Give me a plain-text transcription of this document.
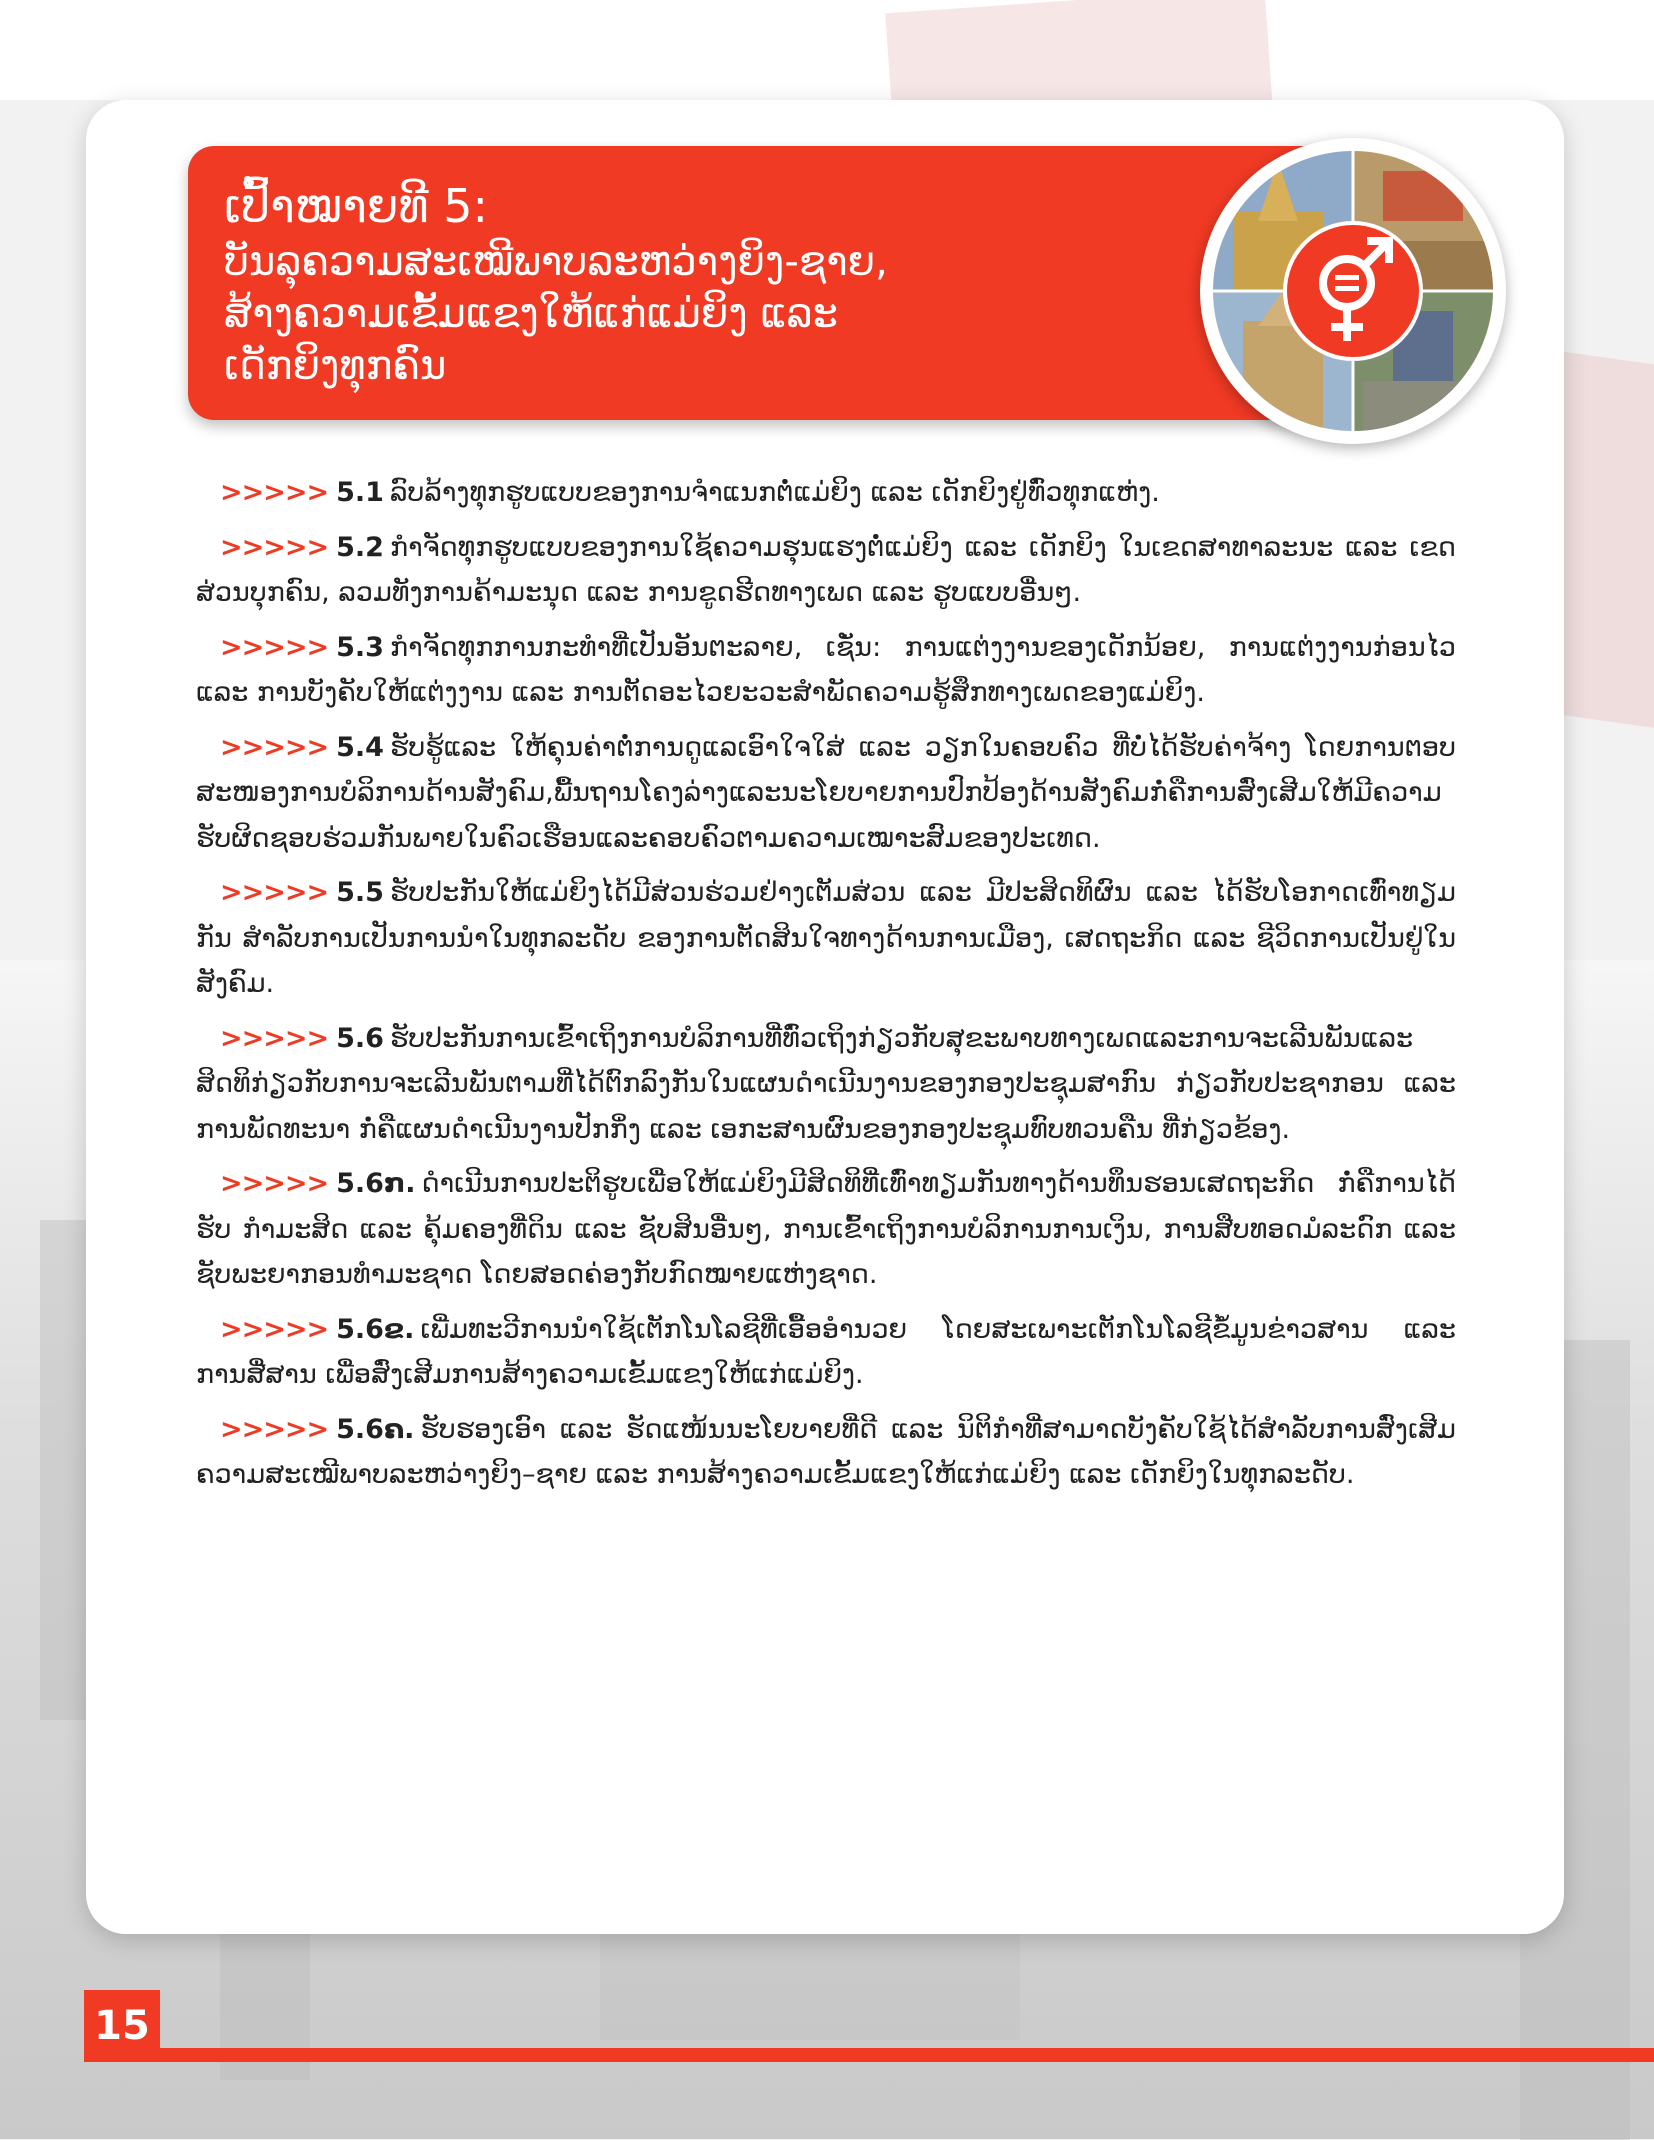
ເປົ້າໝາຍທີ 5:

ບັນລຸຄວາມສະເໝີພາບລະຫວ່າງຍິງ-ຊາຍ,

ສ້າງຄວາມເຂັ້ມແຂງໃຫ້ແກ່ແມ່ຍິງ ແລະ

ເດັກຍິງທຸກຄົນ

>>>>> 5.1 ລົບລ້າງທຸກຮູບແບບຂອງການຈຳແນກຕໍ່ແມ່ຍິງ ແລະ ເດັກຍິງຢູ່ທົ່ວທຸກແຫ່ງ.

>>>>> 5.2 ກຳຈັດທຸກຮູບແບບຂອງການໃຊ້ຄວາມຮຸນແຮງຕໍ່ແມ່ຍິງ ແລະ ເດັກຍິງ ໃນເຂດສາທາລະນະ ແລະ ເຂດສ່ວນບຸກຄົນ, ລວມທັງການຄ້າມະນຸດ ແລະ ການຂູດຮີດທາງເພດ ແລະ ຮູບແບບອື່ນໆ.

>>>>> 5.3 ກຳຈັດທຸກການກະທຳທີ່ເປັນອັນຕະລາຍ, ເຊັ່ນ: ການແຕ່ງງານຂອງເດັກນ້ອຍ, ການແຕ່ງງານກ່ອນໄວ ແລະ ການບັງຄັບໃຫ້ແຕ່ງງານ ແລະ ການຕັດອະໄວຍະວະສຳພັດຄວາມຮູ້ສຶກທາງເພດຂອງແມ່ຍິງ.

>>>>> 5.4 ຮັບຮູ້ແລະ ໃຫ້ຄຸນຄ່າຕໍ່ການດູແລເອົາໃຈໃສ່ ແລະ ວຽກໃນຄອບຄົວ ທີ່ບໍ່ໄດ້ຮັບຄ່າຈ້າງ ໂດຍການຕອບສະໜອງການບໍລິການດ້ານສັງຄົມ,ພື້ນຖານໂຄງລ່າງແລະນະໂຍບາຍການປົກປ້ອງດ້ານສັງຄົມກໍ່ຄືການສົ່ງເສີມໃຫ້ມີຄວາມຮັບຜິດຊອບຮ່ວມກັນພາຍໃນຄົວເຮືອນແລະຄອບຄົວຕາມຄວາມເໝາະສົມຂອງປະເທດ.

>>>>> 5.5 ຮັບປະກັນໃຫ້ແມ່ຍິງໄດ້ມີສ່ວນຮ່ວມຢ່າງເຕັມສ່ວນ ແລະ ມີປະສິດທິຜົນ ແລະ ໄດ້ຮັບໂອກາດເທົ່າທຽມກັນ ສຳລັບການເປັນການນຳໃນທຸກລະດັບ ຂອງການຕັດສິນໃຈທາງດ້ານການເມືອງ, ເສດຖະກິດ ແລະ ຊີວິດການເປັນຢູ່ໃນສັງຄົມ.

>>>>> 5.6 ຮັບປະກັນການເຂົ້າເຖິງການບໍລິການທີ່ທົ່ວເຖິງກ່ຽວກັບສຸຂະພາບທາງເພດແລະການຈະເລີນພັນແລະສິດທິກ່ຽວກັບການຈະເລີນພັນຕາມທີ່ໄດ້ຕົກລົງກັນໃນແຜນດຳເນີນງານຂອງກອງປະຊຸມສາກົນ ກ່ຽວກັບປະຊາກອນ ແລະ ການພັດທະນາ ກໍ່ຄືແຜນດຳເນີນງານປັກກິ່ງ ແລະ ເອກະສານຜົນຂອງກອງປະຊຸມທົບທວນຄືນ ທີ່ກ່ຽວຂ້ອງ.

>>>>> 5.6ກ. ດຳເນີນການປະຕິຮູບເພື່ອໃຫ້ແມ່ຍິງມີສິດທິທີ່ເທົ່າທຽມກັນທາງດ້ານທຶນຮອນເສດຖະກິດ ກໍ່ຄືການໄດ້ຮັບ ກຳມະສິດ ແລະ ຄຸ້ມຄອງທີ່ດິນ ແລະ ຊັບສິນອື່ນໆ, ການເຂົ້າເຖິງການບໍລິການການເງິນ, ການສືບທອດມໍລະດົກ ແລະ ຊັບພະຍາກອນທຳມະຊາດ ໂດຍສອດຄ່ອງກັບກົດໝາຍແຫ່ງຊາດ.

>>>>> 5.6ຂ. ເພີ່ມທະວີການນຳໃຊ້ເຕັກໂນໂລຊີທີ່ເອື້ອອຳນວຍ ໂດຍສະເພາະເຕັກໂນໂລຊີຂໍ້ມູນຂ່າວສານ ແລະ ການສື່ສານ ເພື່ອສົ່ງເສີມການສ້າງຄວາມເຂັ້ມແຂງໃຫ້ແກ່ແມ່ຍິງ.

>>>>> 5.6ຄ. ຮັບຮອງເອົາ ແລະ ຮັດແໜ້ນນະໂຍບາຍທີ່ດີ ແລະ ນິຕິກຳທີ່ສາມາດບັງຄັບໃຊ້ໄດ້ສຳລັບການສົ່ງເສີມຄວາມສະເໝີພາບລະຫວ່າງຍິງ–ຊາຍ ແລະ ການສ້າງຄວາມເຂັ້ມແຂງໃຫ້ແກ່ແມ່ຍິງ ແລະ ເດັກຍິງໃນທຸກລະດັບ.

15
